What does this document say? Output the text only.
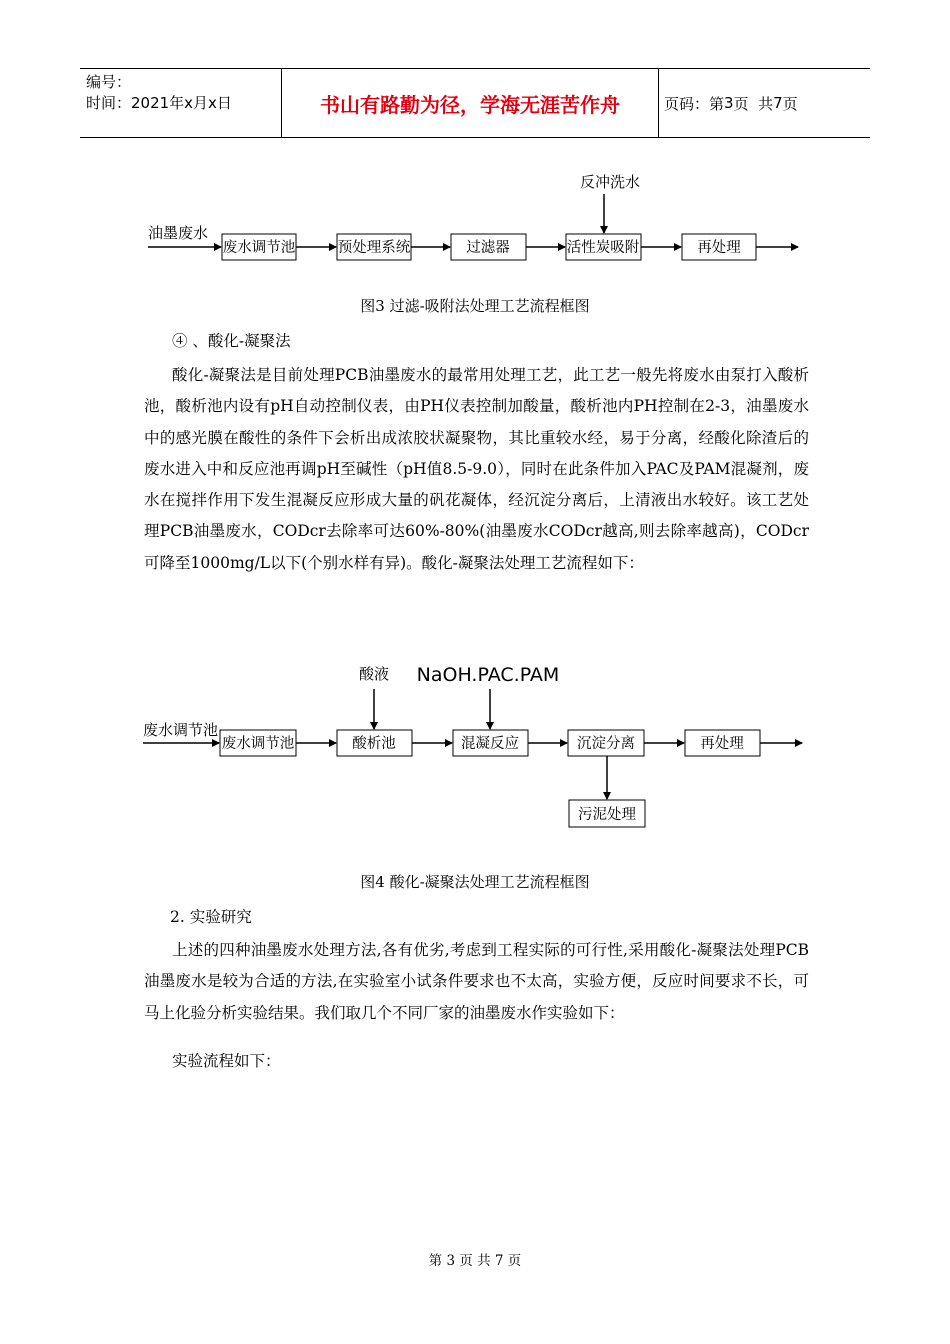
编号：
时间：2021年x月x日	书山有路勤为径，学海无涯苦作舟	页码：第 3 页  共 7 页
油墨废水
反冲洗水
废水调节池	预处理系统	过滤器	活性炭吸附	再处理
图3 过滤-吸附法处理工艺流程框图
④ 、酸化-凝聚法
酸化-凝聚法是目前处理PCB油墨废水的最常用处理工艺，此工艺一般先将废水由泵打入酸析池，酸析池内设有pH自动控制仪表，由PH仪表控制加酸量，酸析池内PH控制在2-3，油墨废水中的感光膜在酸性的条件下会析出成浓胶状凝聚物，其比重较水经，易于分离，经酸化除渣后的废水进入中和反应池再调pH至碱性（pH值8.5-9.0），同时在此条件加入PAC及PAM混凝剂，废水在搅拌作用下发生混凝反应形成大量的矾花凝体，经沉淀分离后，上清液出水较好。该工艺处理PCB油墨废水，CODcr去除率可达60%-80%(油墨废水CODcr越高,则去除率越高)，CODcr可降至1000mg/L以下(个别水样有异)。酸化-凝聚法处理工艺流程如下：
废水调节池
酸液 NaOH.PAC.PAM
废水调节池	酸析池	混凝反应	沉淀分离	再处理
污泥处理
图4 酸化-凝聚法处理工艺流程框图
2. 实验研究
上述的四种油墨废水处理方法,各有优劣,考虑到工程实际的可行性,采用酸化-凝聚法处理PCB油墨废水是较为合适的方法,在实验室小试条件要求也不太高，实验方便，反应时间要求不长，可马上化验分析实验结果。我们取几个不同厂家的油墨废水作实验如下：
实验流程如下：
第 3 页 共 7 页
